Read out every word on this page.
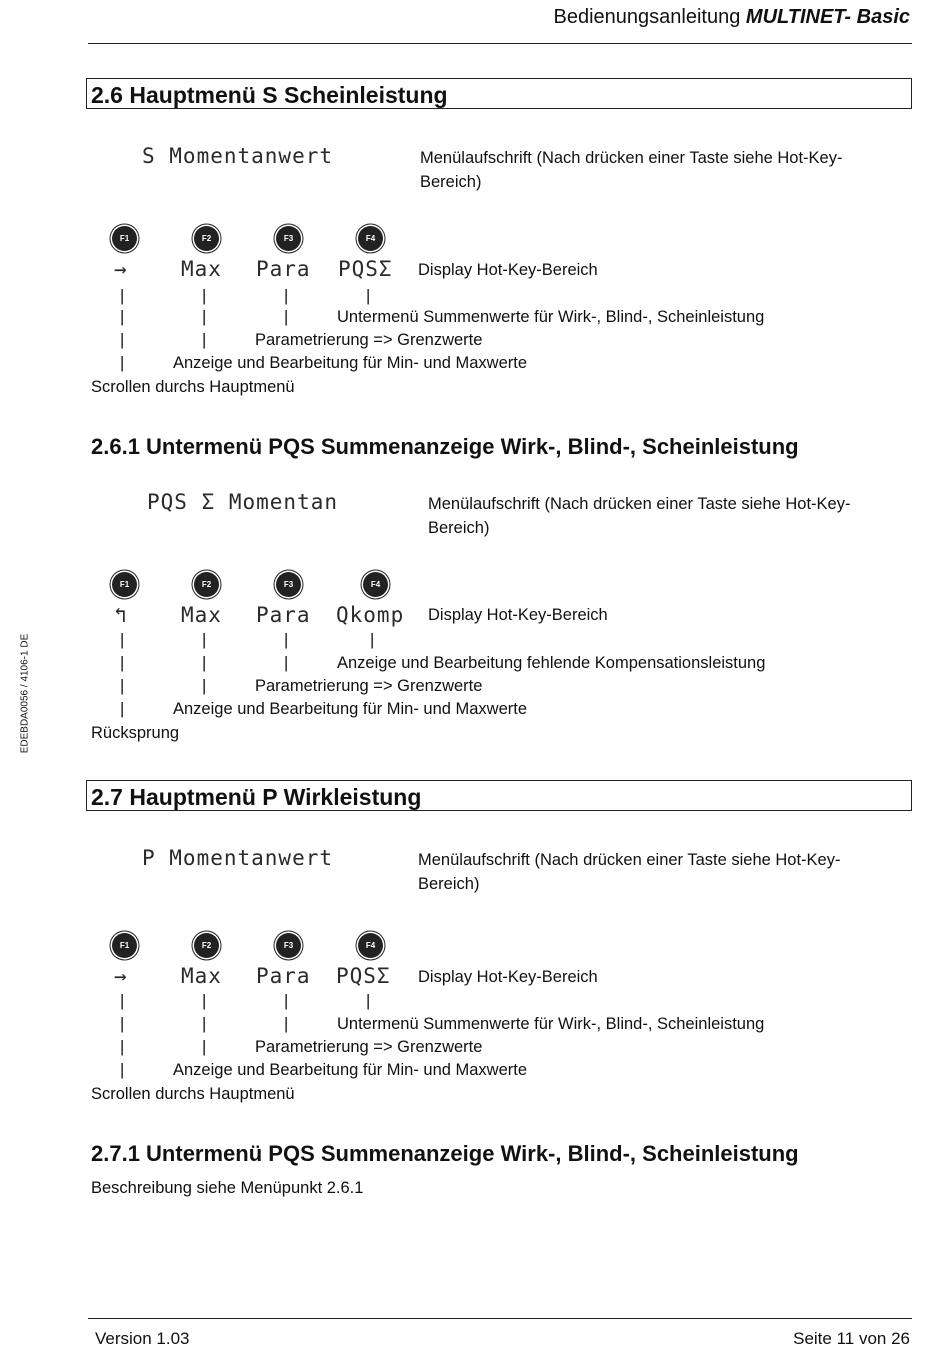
Bedienungsanleitung MULTINET- Basic
EDEBDA0056 / 4106-1 DE
2.6 Hauptmenü S Scheinleistung
S Momentanwert	Menülaufschrift (Nach drücken einer Taste siehe Hot-Key-
Bereich)
F1	F2	F3	F4
→	Max Para PQSΣ Display Hot-Key-Bereich
|	|	|	|
|	|	|	Untermenü Summenwerte für Wirk-, Blind-, Scheinleistung
|	|	Parametrierung => Grenzwerte
|	Anzeige und Bearbeitung für Min- und Maxwerte
Scrollen durchs Hauptmenü
2.6.1 Untermenü PQS Summenanzeige Wirk-, Blind-, Scheinleistung
PQS Σ Momentan	Menülaufschrift (Nach drücken einer Taste siehe Hot-Key-
Bereich)
F1	F2	F3	F4
↰	Max Para Qkomp Display Hot-Key-Bereich
|	|	|	|
|	|	|	Anzeige und Bearbeitung fehlende Kompensationsleistung
|	|	Parametrierung => Grenzwerte
|	Anzeige und Bearbeitung für Min- und Maxwerte
Rücksprung
2.7 Hauptmenü P Wirkleistung
P Momentanwert	Menülaufschrift (Nach drücken einer Taste siehe Hot-Key-
Bereich)
F1	F2	F3	F4
→	Max Para PQSΣ Display Hot-Key-Bereich
|	|	|	|
|	|	|	Untermenü Summenwerte für Wirk-, Blind-, Scheinleistung
|	|	Parametrierung => Grenzwerte
|	Anzeige und Bearbeitung für Min- und Maxwerte
Scrollen durchs Hauptmenü
2.7.1 Untermenü PQS Summenanzeige Wirk-, Blind-, Scheinleistung
Beschreibung siehe Menüpunkt 2.6.1
Version 1.03	Seite 11 von 26
